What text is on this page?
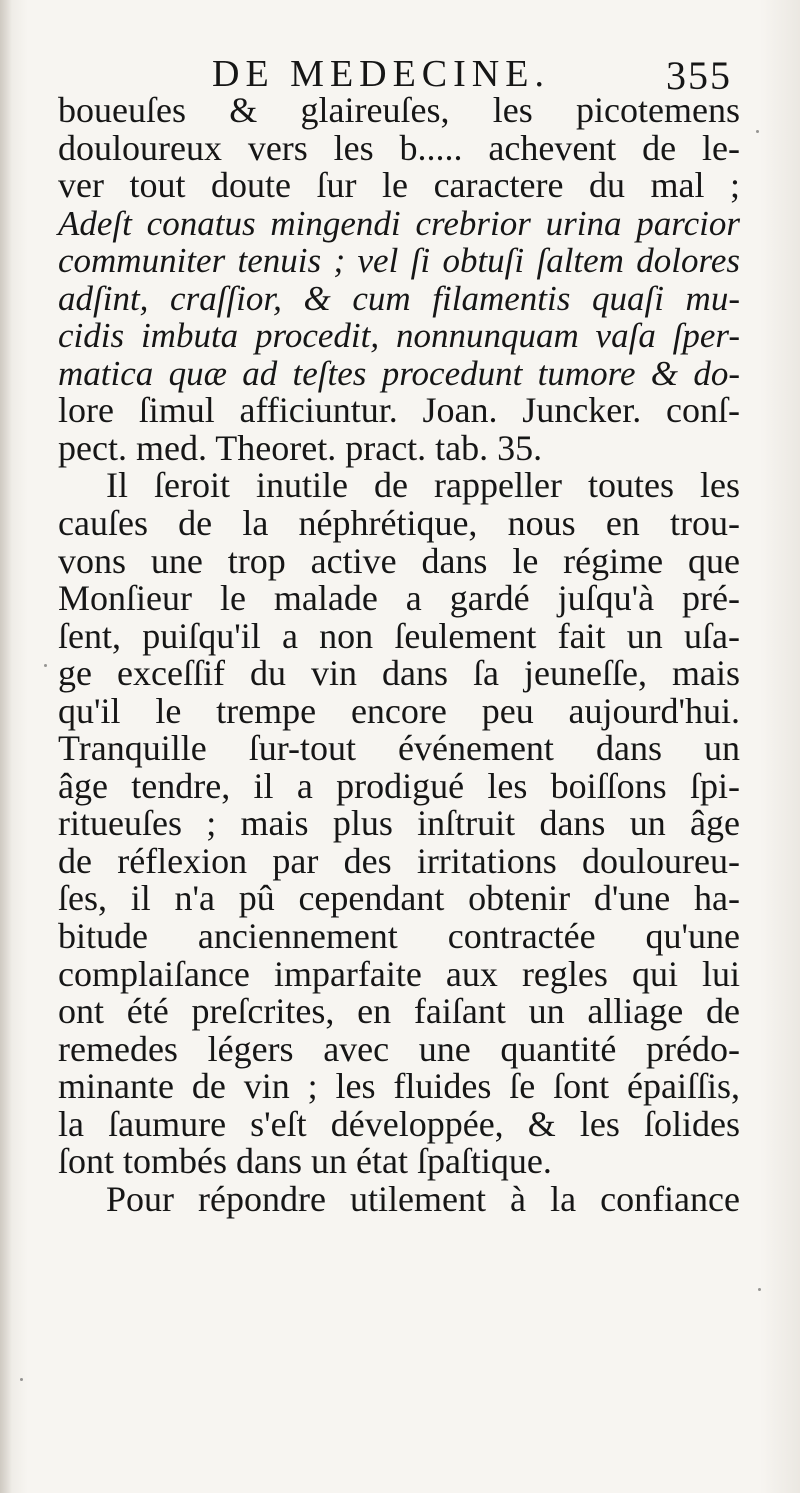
DE MEDECINE.	355
boueuſes & glaireuſes, les picotemens
douloureux vers les b..... achevent de le-
ver tout doute ſur le caractere du mal ;
Adeſt conatus mingendi crebrior urina parcior
communiter tenuis ; vel ſi obtuſi ſaltem dolores
adſint, craſſior, & cum filamentis quaſi mu-
cidis imbuta procedit, nonnunquam vaſa ſper-
matica quæ ad teſtes procedunt tumore & do-
lore ſimul afficiuntur. Joan. Juncker. conſ-
pect. med. Theoret. pract. tab. 35.
Il ſeroit inutile de rappeller toutes les
cauſes de la néphrétique, nous en trou-
vons une trop active dans le régime que
Monſieur le malade a gardé juſqu'à pré-
ſent, puiſqu'il a non ſeulement fait un uſa-
ge exceſſif du vin dans ſa jeuneſſe, mais
qu'il le trempe encore peu aujourd'hui.
Tranquille ſur-tout événement dans un
âge tendre, il a prodigué les boiſſons ſpi-
ritueuſes ; mais plus inſtruit dans un âge
de réflexion par des irritations douloureu-
ſes, il n'a pû cependant obtenir d'une ha-
bitude anciennement contractée qu'une
complaiſance imparfaite aux regles qui lui
ont été preſcrites, en faiſant un alliage de
remedes légers avec une quantité prédo-
minante de vin ; les fluides ſe ſont épaiſſis,
la ſaumure s'eſt développée, & les ſolides
ſont tombés dans un état ſpaſtique.
Pour répondre utilement à la confiance
